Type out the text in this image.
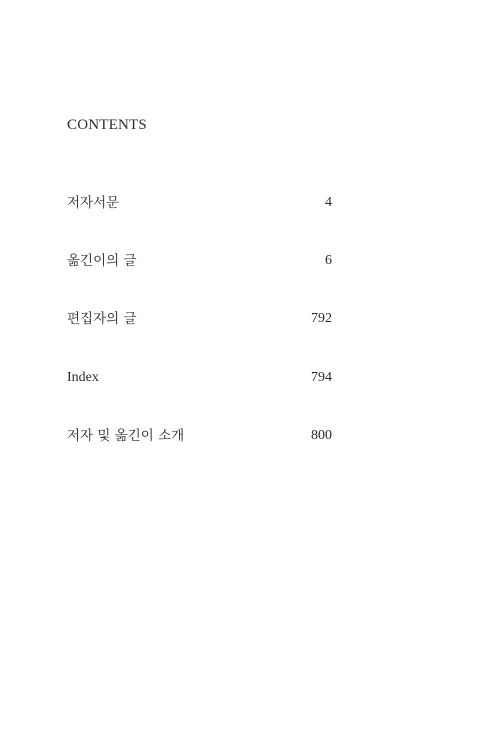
CONTENTS
저자서문	4
옮긴이의 글	6
편집자의 글	792
Index	794
저자 및 옮긴이 소개	800
